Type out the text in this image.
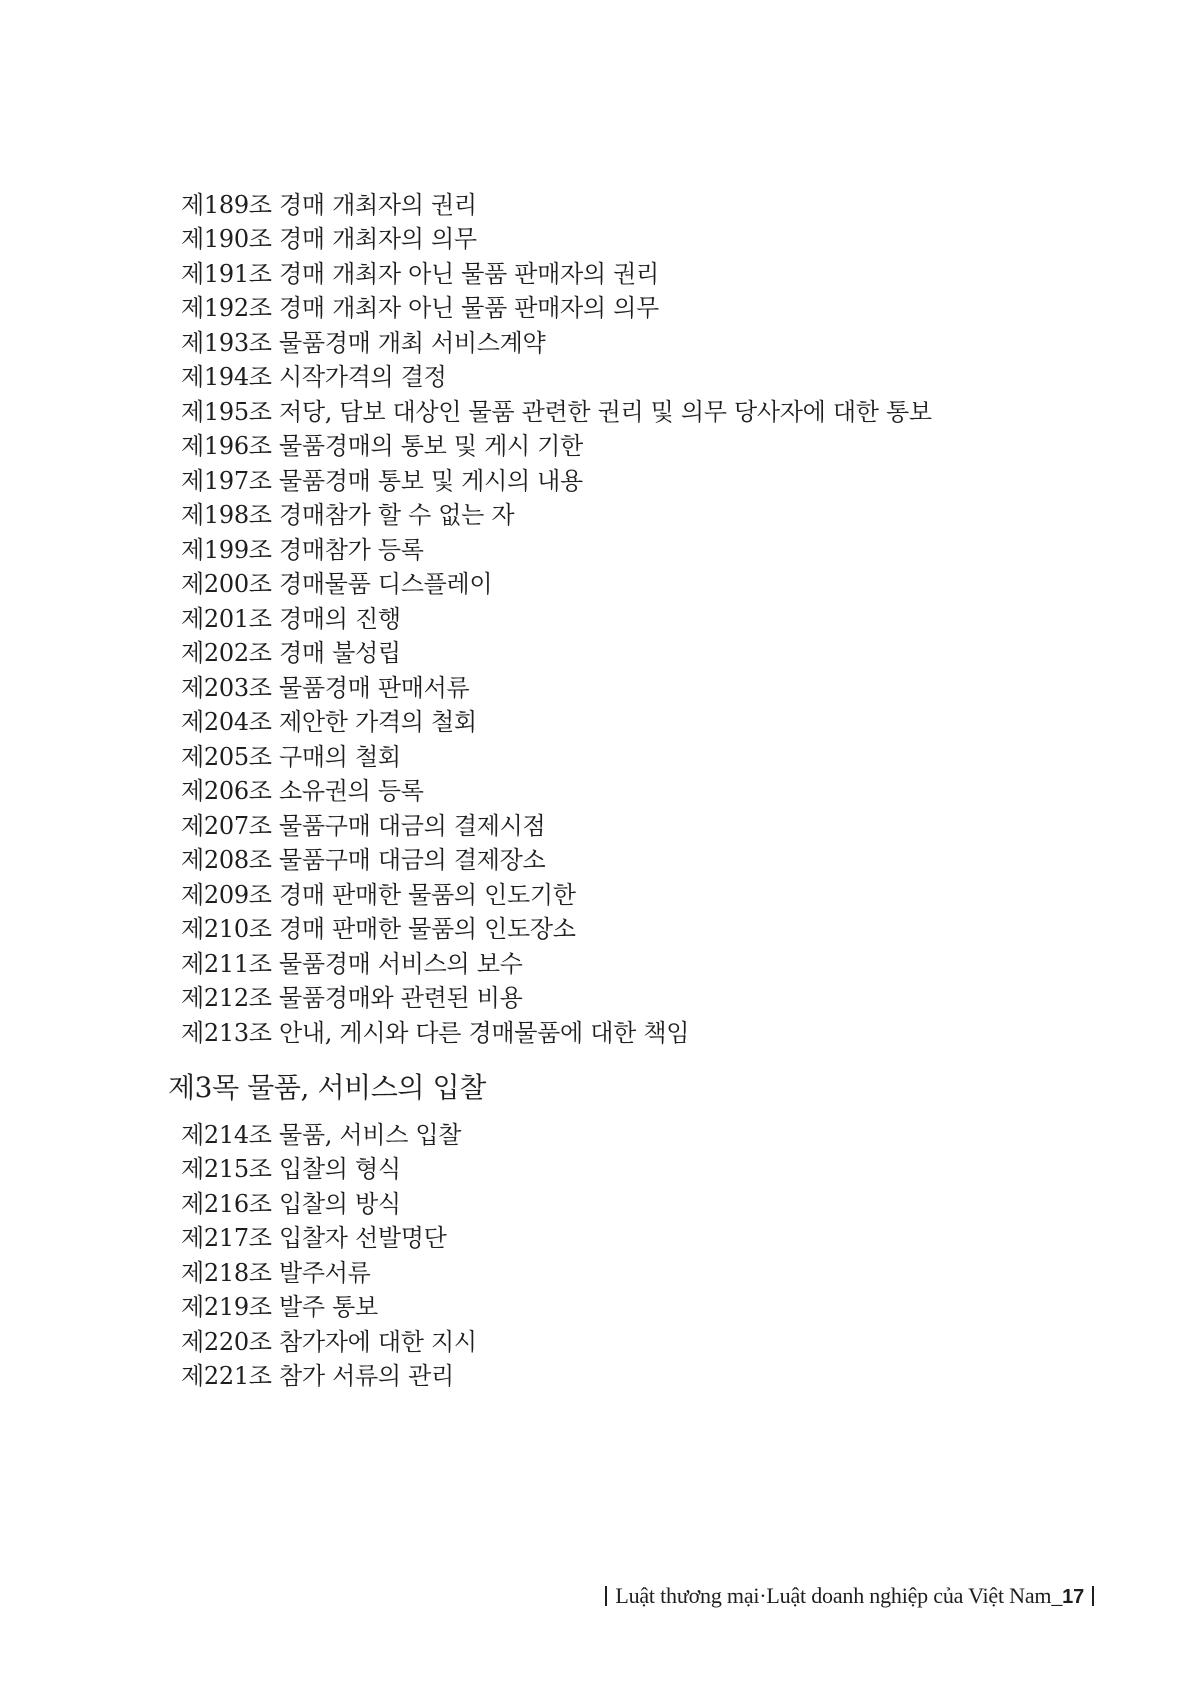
제189조 경매 개최자의 권리
제190조 경매 개최자의 의무
제191조 경매 개최자 아닌 물품 판매자의 권리
제192조 경매 개최자 아닌 물품 판매자의 의무
제193조 물품경매 개최 서비스계약
제194조 시작가격의 결정
제195조 저당, 담보 대상인 물품 관련한 권리 및 의무 당사자에 대한 통보
제196조 물품경매의 통보 및 게시 기한
제197조 물품경매 통보 및 게시의 내용
제198조 경매참가 할 수 없는 자
제199조 경매참가 등록
제200조 경매물품 디스플레이
제201조 경매의 진행
제202조 경매 불성립
제203조 물품경매 판매서류
제204조 제안한 가격의 철회
제205조 구매의 철회
제206조 소유권의 등록
제207조 물품구매 대금의 결제시점
제208조 물품구매 대금의 결제장소
제209조 경매 판매한 물품의 인도기한
제210조 경매 판매한 물품의 인도장소
제211조 물품경매 서비스의 보수
제212조 물품경매와 관련된 비용
제213조 안내, 게시와 다른 경매물품에 대한 책임
제3목 물품, 서비스의 입찰
제214조 물품, 서비스 입찰
제215조 입찰의 형식
제216조 입찰의 방식
제217조 입찰자 선발명단
제218조 발주서류
제219조 발주 통보
제220조 참가자에 대한 지시
제221조 참가 서류의 관리
Luật thương mại·Luật doanh nghiệp của Việt Nam_17
